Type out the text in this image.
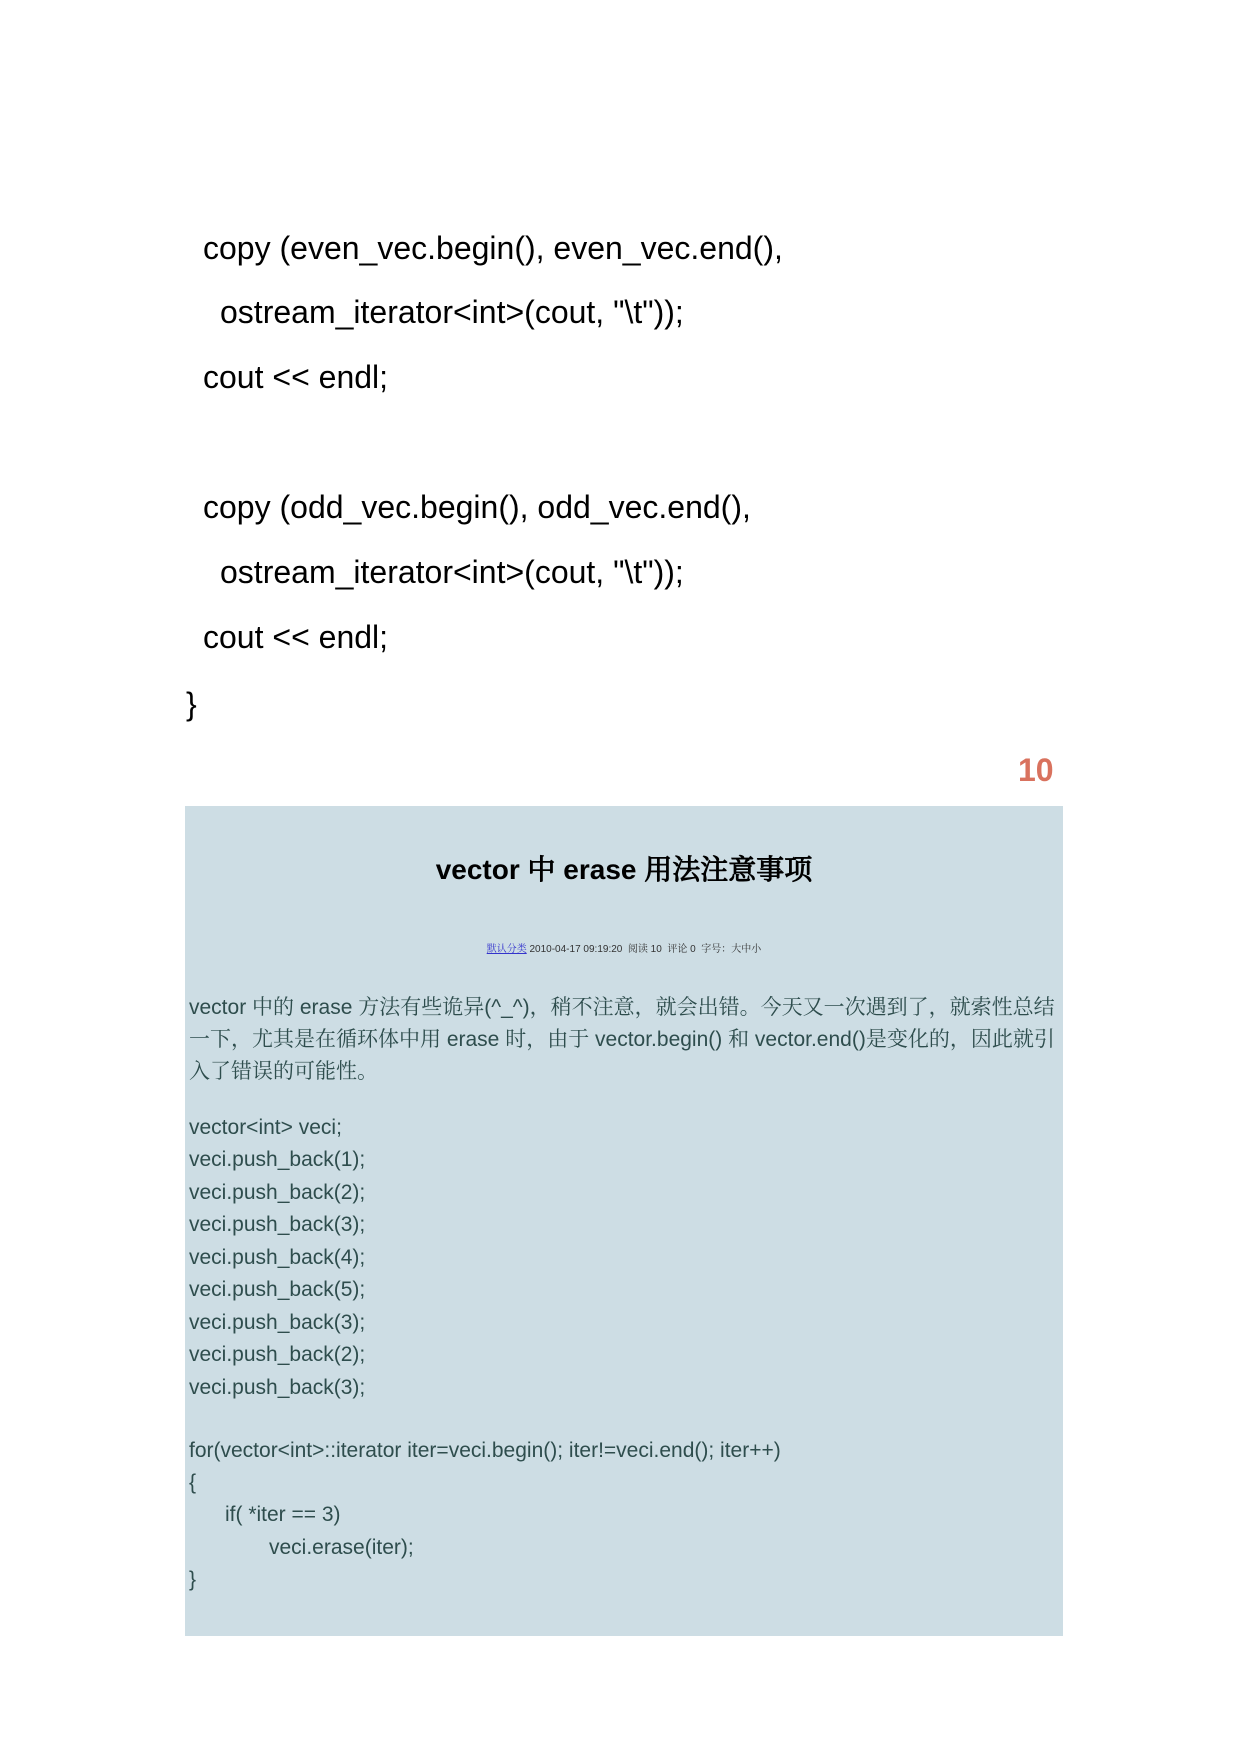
copy (even_vec.begin(), even_vec.end(),
ostream_iterator<int>(cout, "\t"));
cout << endl;
copy (odd_vec.begin(), odd_vec.end(),
ostream_iterator<int>(cout, "\t"));
cout << endl;
}
10
vector 中 erase 用法注意事项
默认分类 2010-04-17 09:19:20 阅读 10 评论 0 字号：大中小
vector 中的 erase 方法有些诡异(^_^)，稍不注意，就会出错。今天又一次遇到了，就索性总结一下，尤其是在循环体中用 erase 时，由于 vector.begin() 和 vector.end()是变化的，因此就引入了错误的可能性。
vector<int> veci;
veci.push_back(1);
veci.push_back(2);
veci.push_back(3);
veci.push_back(4);
veci.push_back(5);
veci.push_back(3);
veci.push_back(2);
veci.push_back(3);
for(vector<int>::iterator iter=veci.begin(); iter!=veci.end(); iter++)
{
if( *iter == 3)
veci.erase(iter);
}
